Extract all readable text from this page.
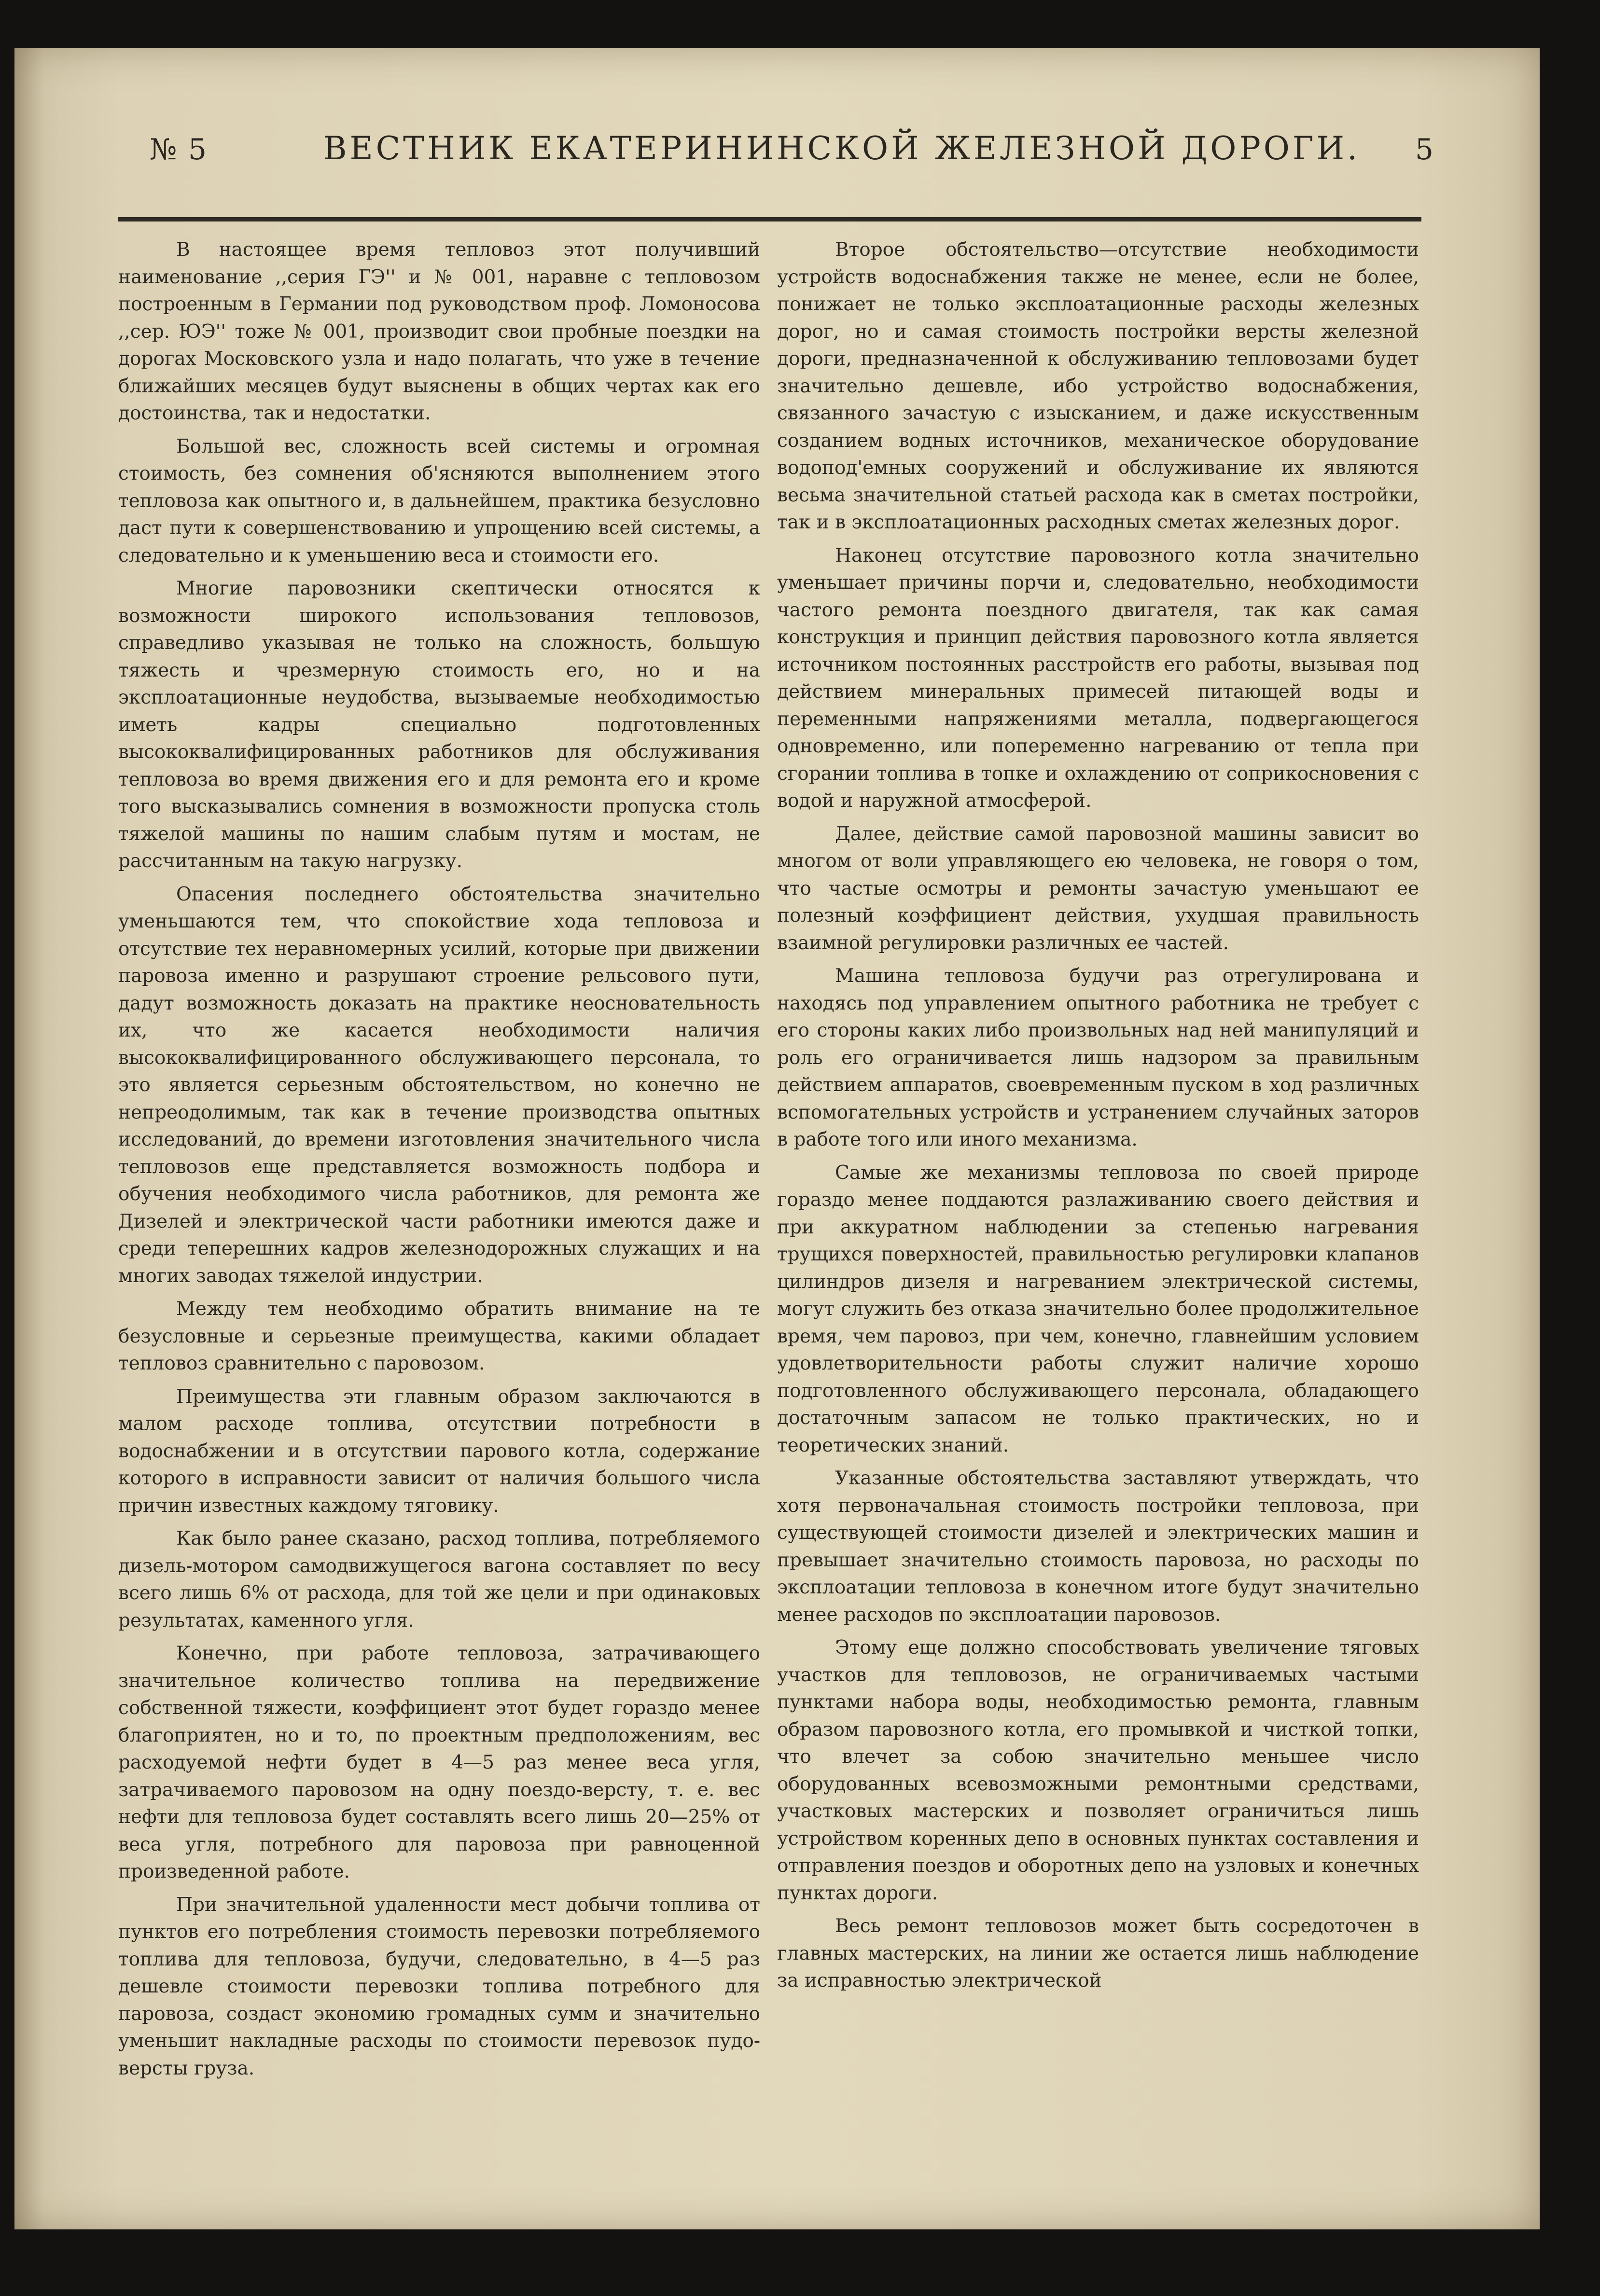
№ 5	ВЕСТНИК ЕКАТЕРИНИНСКОЙ ЖЕЛЕЗНОЙ ДОРОГИ. 5

В настоящее время тепловоз этот получивший наименование ,,серия ГЭ'' и № 001, наравне с тепловозом построенным в Германии под руководством проф. Ломоносова ,,сер. ЮЭ'' тоже № 001, производит свои пробные поездки на дорогах Московского узла и надо полагать, что уже в течение ближайших месяцев будут выяснены в общих чертах как его достоинства, так и недостатки.

Большой вес, сложность всей системы и огромная стоимость, без сомнения об'ясняются выполнением этого тепловоза как опытного и, в дальнейшем, практика безусловно даст пути к совершенствованию и упрощению всей системы, а следовательно и к уменьшению веса и стоимости его.

Многие паровозники скептически относятся к возможности широкого использования тепловозов, справедливо указывая не только на сложность, большую тяжесть и чрезмерную стоимость его, но и на эксплоатационные неудобства, вызываемые необходимостью иметь кадры специально подготовленных высококвалифицированных работников для обслуживания тепловоза во время движения его и для ремонта его и кроме того высказывались сомнения в возможности пропуска столь тяжелой машины по нашим слабым путям и мостам, не рассчитанным на такую нагрузку.

Опасения последнего обстоятельства значительно уменьшаются тем, что спокойствие хода тепловоза и отсутствие тех неравномерных усилий, которые при движении паровоза именно и разрушают строение рельсового пути, дадут возможность доказать на практике неосновательность их, что же касается необходимости наличия высококвалифицированного обслуживающего персонала, то это является серьезным обстоятельством, но конечно не непреодолимым, так как в течение производства опытных исследований, до времени изготовления значительного числа тепловозов еще представляется возможность подбора и обучения необходимого числа работников, для ремонта же Дизелей и электрической части работники имеются даже и среди теперешних кадров железнодорожных служащих и на многих заводах тяжелой индустрии.

Между тем необходимо обратить внимание на те безусловные и серьезные преимущества, какими обладает тепловоз сравнительно с паровозом.

Преимущества эти главным образом заключаются в малом расходе топлива, отсутствии потребности в водоснабжении и в отсутствии парового котла, содержание которого в исправности зависит от наличия большого числа причин известных каждому тяговику.

Как было ранее сказано, расход топлива, потребляемого дизель-мотором самодвижущегося вагона составляет по весу всего лишь 6% от расхода, для той же цели и при одинаковых результатах, каменного угля.

Конечно, при работе тепловоза, затрачивающего значительное количество топлива на передвижение собственной тяжести, коэффициент этот будет гораздо менее благоприятен, но и то, по проектным предположениям, вес расходуемой нефти будет в 4—5 раз менее веса угля, затрачиваемого паровозом на одну поездо-версту, т. е. вес нефти для тепловоза будет составлять всего лишь 20—25% от веса угля, потребного для паровоза при равноценной произведенной работе.

При значительной удаленности мест добычи топлива от пунктов его потребления стоимость перевозки потребляемого топлива для тепловоза, будучи, следовательно, в 4—5 раз дешевле стоимости перевозки топлива потребного для паровоза, создаст экономию громадных сумм и значительно уменьшит накладные расходы по стоимости перевозок пудо-версты груза.

Второе обстоятельство—отсутствие необходимости устройств водоснабжения также не менее, если не более, понижает не только эксплоатационные расходы железных дорог, но и самая стоимость постройки версты железной дороги, предназначенной к обслуживанию тепловозами будет значительно дешевле, ибо устройство водоснабжения, связанного зачастую с изысканием, и даже искусственным созданием водных источников, механическое оборудование водопод'емных сооружений и обслуживание их являются весьма значительной статьей расхода как в сметах постройки, так и в эксплоатационных расходных сметах железных дорог.

Наконец отсутствие паровозного котла значительно уменьшает причины порчи и, следовательно, необходимости частого ремонта поездного двигателя, так как самая конструкция и принцип действия паровозного котла является источником постоянных расстройств его работы, вызывая под действием минеральных примесей питающей воды и переменными напряжениями металла, подвергающегося одновременно, или попеременно нагреванию от тепла при сгорании топлива в топке и охлаждению от соприкосновения с водой и наружной атмосферой.

Далее, действие самой паровозной машины зависит во многом от воли управляющего ею человека, не говоря о том, что частые осмотры и ремонты зачастую уменьшают ее полезный коэффициент действия, ухудшая правильность взаимной регулировки различных ее частей.

Машина тепловоза будучи раз отрегулирована и находясь под управлением опытного работника не требует с его стороны каких либо произвольных над ней манипуляций и роль его ограничивается лишь надзором за правильным действием аппаратов, своевременным пуском в ход различных вспомогательных устройств и устранением случайных заторов в работе того или иного механизма.

Самые же механизмы тепловоза по своей природе гораздо менее поддаются разлаживанию своего действия и при аккуратном наблюдении за степенью нагревания трущихся поверхностей, правильностью регулировки клапанов цилиндров дизеля и нагреванием электрической системы, могут служить без отказа значительно более продолжительное время, чем паровоз, при чем, конечно, главнейшим условием удовлетворительности работы служит наличие хорошо подготовленного обслуживающего персонала, обладающего достаточным запасом не только практических, но и теоретических знаний.

Указанные обстоятельства заставляют утверждать, что хотя первоначальная стоимость постройки тепловоза, при существующей стоимости дизелей и электрических машин и превышает значительно стоимость паровоза, но расходы по эксплоатации тепловоза в конечном итоге будут значительно менее расходов по эксплоатации паровозов.

Этому еще должно способствовать увеличение тяговых участков для тепловозов, не ограничиваемых частыми пунктами набора воды, необходимостью ремонта, главным образом паровозного котла, его промывкой и чисткой топки, что влечет за собою значительно меньшее число оборудованных всевозможными ремонтными средствами, участковых мастерских и позволяет ограничиться лишь устройством коренных депо в основных пунктах составления и отправления поездов и оборотных депо на узловых и конечных пунктах дороги.

Весь ремонт тепловозов может быть сосредоточен в главных мастерских, на линии же остается лишь наблюдение за исправностью электрической
